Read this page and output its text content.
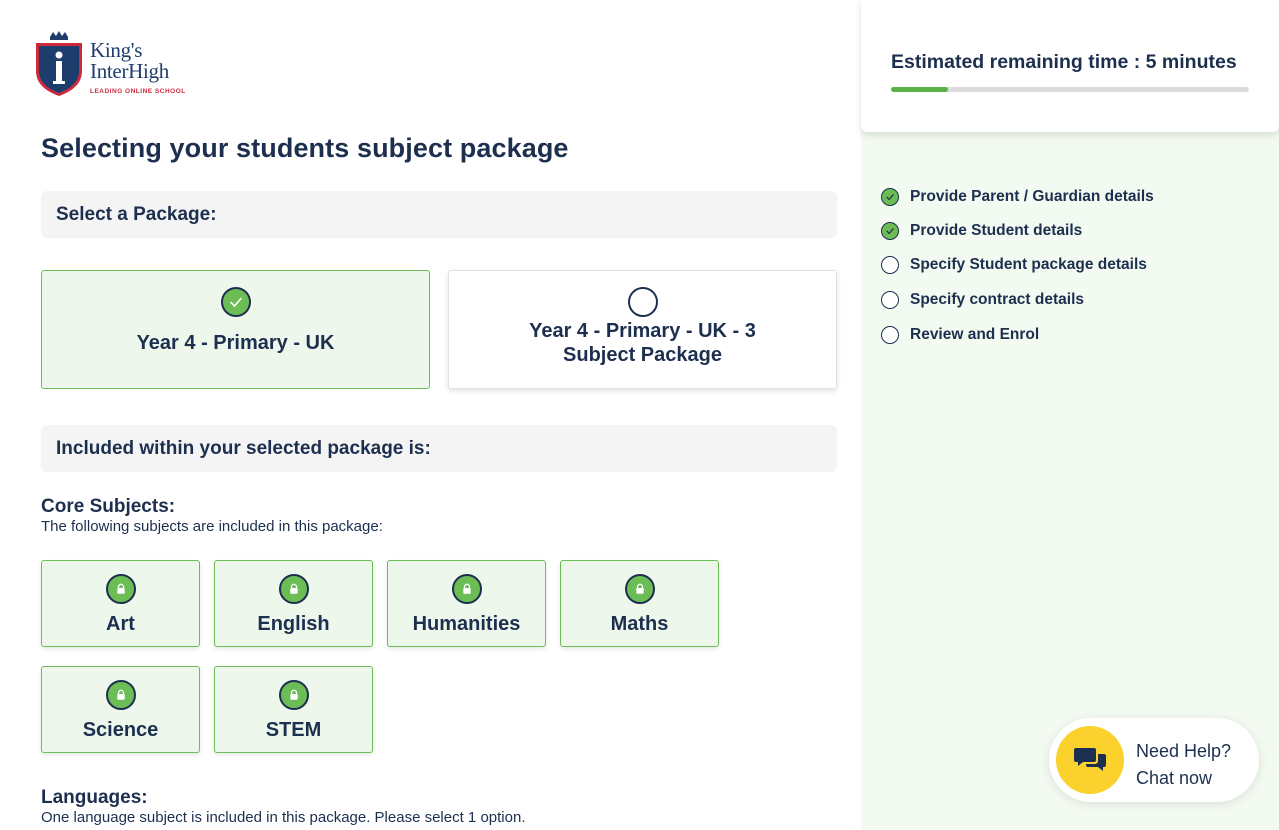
King's
InterHigh
LEADING ONLINE SCHOOL
Selecting your students subject package
Select a Package:
Year 4 - Primary - UK
Year 4 - Primary - UK - 3 Subject Package
Included within your selected package is:
Core Subjects:
The following subjects are included in this package:
Art	English	Humanities	Maths
Science	STEM
Languages:
One language subject is included in this package. Please select 1 option.
Estimated remaining time : 5 minutes
Provide Parent / Guardian details
Provide Student details
Specify Student package details
Specify contract details
Review and Enrol
Need Help?
Chat now
